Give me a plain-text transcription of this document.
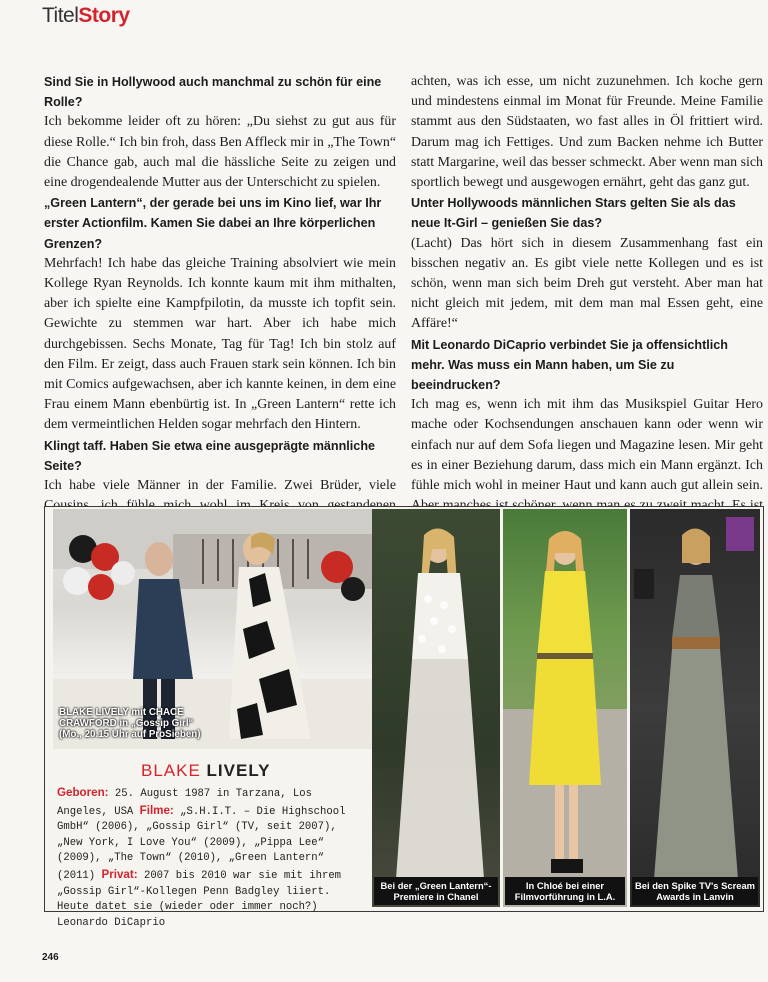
TitelStory

Sind Sie in Hollywood auch manchmal zu schön für eine Rolle?

Ich bekomme leider oft zu hören: „Du siehst zu gut aus für diese Rolle.“ Ich bin froh, dass Ben Affleck mir in „The Town“ die Chance gab, auch mal die hässliche Seite zu zeigen und eine drogendealende Mutter aus der Unterschicht zu spielen.

„Green Lantern“, der gerade bei uns im Kino lief, war Ihr erster Actionfilm. Kamen Sie dabei an Ihre körperlichen Grenzen?

Mehrfach! Ich habe das gleiche Training absolviert wie mein Kollege Ryan Reynolds. Ich konnte kaum mit ihm mithalten, aber ich spielte eine Kampfpilotin, da musste ich topfit sein. Gewichte zu stemmen war hart. Aber ich habe mich durchgebissen. Sechs Monate, Tag für Tag! Ich bin stolz auf den Film. Er zeigt, dass auch Frauen stark sein können. Ich bin mit Comics aufgewachsen, aber ich kannte keinen, in dem eine Frau einem Mann ebenbürtig ist. In „Green Lantern“ rette ich dem vermeintlichen Helden sogar mehrfach den Hintern.

Klingt taff. Haben Sie etwa eine ausgeprägte männliche Seite?

Ich habe viele Männer in der Familie. Zwei Brüder, viele

achten, was ich esse, um nicht zuzunehmen. Ich koche gern und mindestens einmal im Monat für Freunde. Meine Familie stammt aus den Südstaaten, wo fast alles in Öl frittiert wird. Darum mag ich Fettiges. Und zum Backen nehme ich Butter statt Margarine, weil das besser schmeckt. Aber wenn man sich sportlich bewegt und ausgewogen ernährt, geht das ganz gut.

Unter Hollywoods männlichen Stars gelten Sie als das neue It-Girl – genießen Sie das?

(Lacht) Das hört sich in diesem Zusammenhang fast ein bisschen negativ an. Es gibt viele nette Kollegen und es ist schön, wenn man sich beim Dreh gut versteht. Aber man hat nicht gleich mit jedem, mit dem man mal Essen geht, eine Affäre!“

Mit Leonardo DiCaprio verbindet Sie ja offensichtlich mehr. Was muss ein Mann haben, um Sie zu beeindrucken?

Ich mag es, wenn ich mit ihm das Musikspiel Guitar Hero mache oder Kochsendungen anschauen kann oder wenn wir einfach nur auf dem Sofa liegen und Magazine lesen. Mir geht es in einer Beziehung darum, dass mich ein Mann ergänzt. Ich fühle mich wohl in meiner Haut und kann auch gut allein sein.

BLAKE LIVELY mit CHACE
CRAWFORD in „Gossip Girl“
(Mo., 20.15 Uhr auf ProSieben)
BLAKE LIVELY
Geboren: 25. August 1987 in Tarzana, Los Angeles, USA Filme: „S.H.I.T. – Die Highschool GmbH“ (2006), „Gossip Girl“ (TV, seit 2007), „New York, I Love You“ (2009), „Pippa Lee“ (2009), „The Town“ (2010), „Green Lantern“ (2011) Privat: 2007 bis 2010 war sie mit ihrem „Gossip Girl“-Kollegen Penn Badgley liiert. Heute datet sie (wieder oder immer noch?) Leonardo DiCaprio
Bei der „Green Lantern“-Premiere in Chanel
In Chloé bei einer Filmvorführung in L.A.
Bei den Spike TV's Scream Awards in Lanvin
246
